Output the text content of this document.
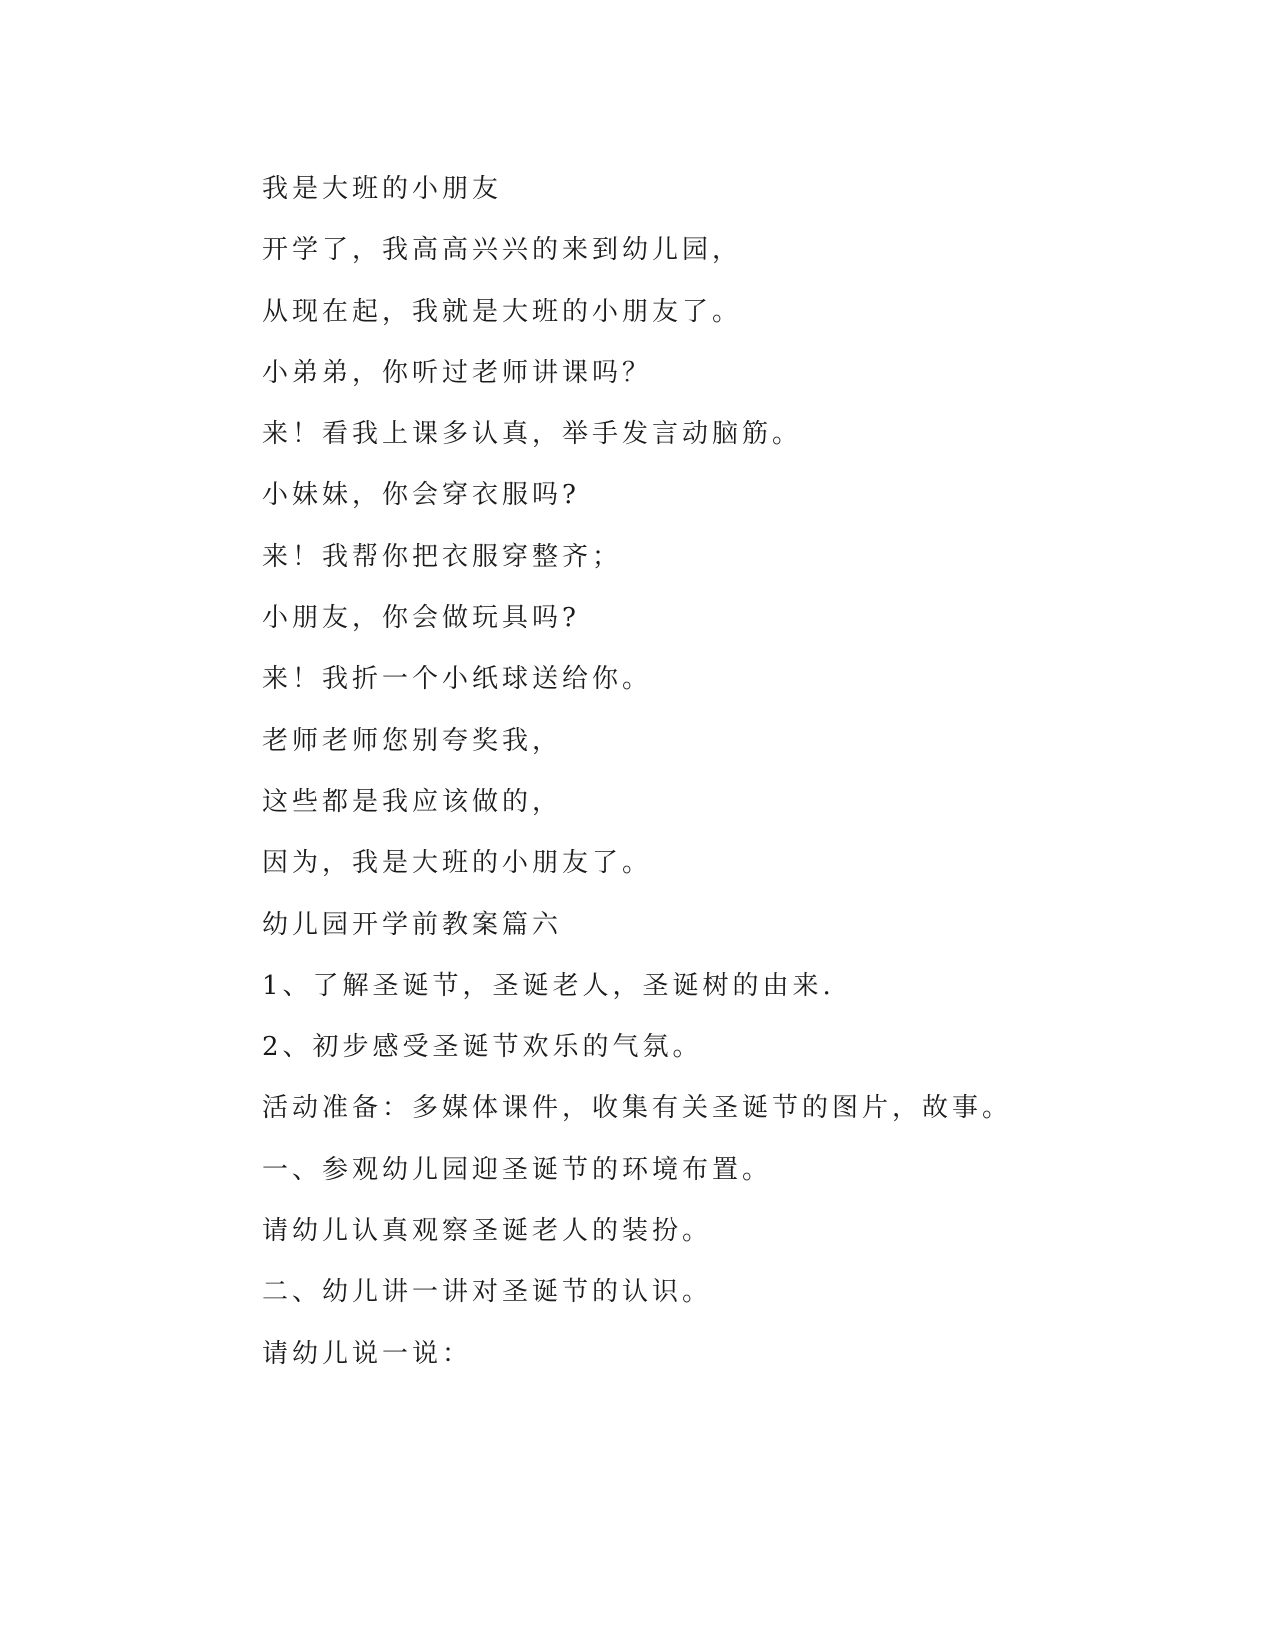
我是大班的小朋友

开学了，我高高兴兴的来到幼儿园，

从现在起，我就是大班的小朋友了。

小弟弟，你听过老师讲课吗？

来！看我上课多认真，举手发言动脑筋。

小妹妹，你会穿衣服吗?

来！我帮你把衣服穿整齐；

小朋友，你会做玩具吗?

来！我折一个小纸球送给你。

老师老师您别夸奖我，

这些都是我应该做的，

因为，我是大班的小朋友了。

幼儿园开学前教案篇六

1、了解圣诞节，圣诞老人，圣诞树的由来.

2、初步感受圣诞节欢乐的气氛。

活动准备：多媒体课件，收集有关圣诞节的图片，故事。

一、参观幼儿园迎圣诞节的环境布置。

请幼儿认真观察圣诞老人的装扮。

二、幼儿讲一讲对圣诞节的认识。

请幼儿说一说：
